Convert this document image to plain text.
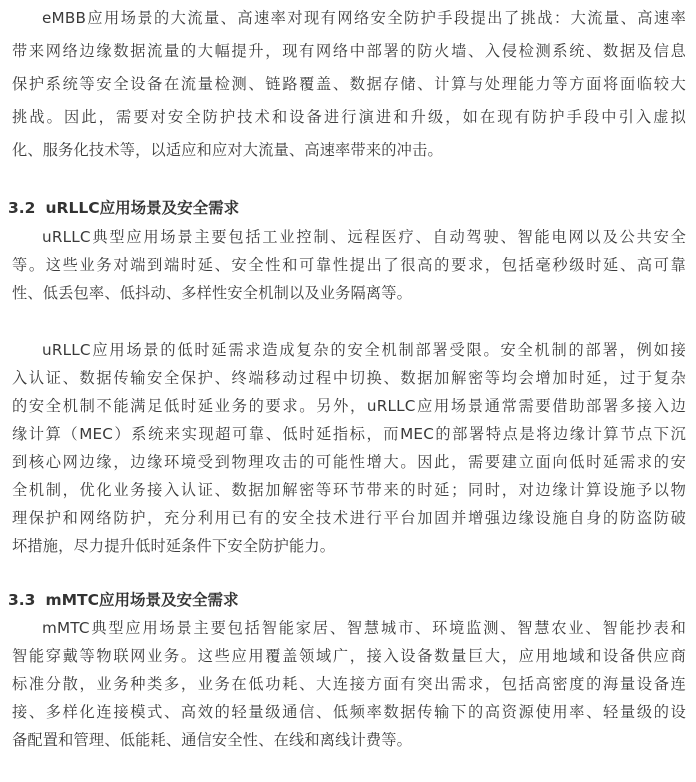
eMBB应用场景的大流量、高速率对现有网络安全防护手段提出了挑战：大流量、高速率
带来网络边缘数据流量的大幅提升，现有网络中部署的防火墙、入侵检测系统、数据及信息
保护系统等安全设备在流量检测、链路覆盖、数据存储、计算与处理能力等方面将面临较大
挑战。因此，需要对安全防护技术和设备进行演进和升级，如在现有防护手段中引入虚拟
化、服务化技术等，以适应和应对大流量、高速率带来的冲击。
3.2 uRLLC应用场景及安全需求
uRLLC典型应用场景主要包括工业控制、远程医疗、自动驾驶、智能电网以及公共安全
等。这些业务对端到端时延、安全性和可靠性提出了很高的要求，包括毫秒级时延、高可靠
性、低丢包率、低抖动、多样性安全机制以及业务隔离等。
uRLLC应用场景的低时延需求造成复杂的安全机制部署受限。安全机制的部署，例如接
入认证、数据传输安全保护、终端移动过程中切换、数据加解密等均会增加时延，过于复杂
的安全机制不能满足低时延业务的要求。另外，uRLLC应用场景通常需要借助部署多接入边
缘计算（MEC）系统来实现超可靠、低时延指标，而MEC的部署特点是将边缘计算节点下沉
到核心网边缘，边缘环境受到物理攻击的可能性增大。因此，需要建立面向低时延需求的安
全机制，优化业务接入认证、数据加解密等环节带来的时延；同时，对边缘计算设施予以物
理保护和网络防护，充分利用已有的安全技术进行平台加固并增强边缘设施自身的防盗防破
坏措施，尽力提升低时延条件下安全防护能力。
3.3 mMTC应用场景及安全需求
mMTC典型应用场景主要包括智能家居、智慧城市、环境监测、智慧农业、智能抄表和
智能穿戴等物联网业务。这些应用覆盖领域广，接入设备数量巨大，应用地域和设备供应商
标准分散，业务种类多，业务在低功耗、大连接方面有突出需求，包括高密度的海量设备连
接、多样化连接模式、高效的轻量级通信、低频率数据传输下的高资源使用率、轻量级的设
备配置和管理、低能耗、通信安全性、在线和离线计费等。
